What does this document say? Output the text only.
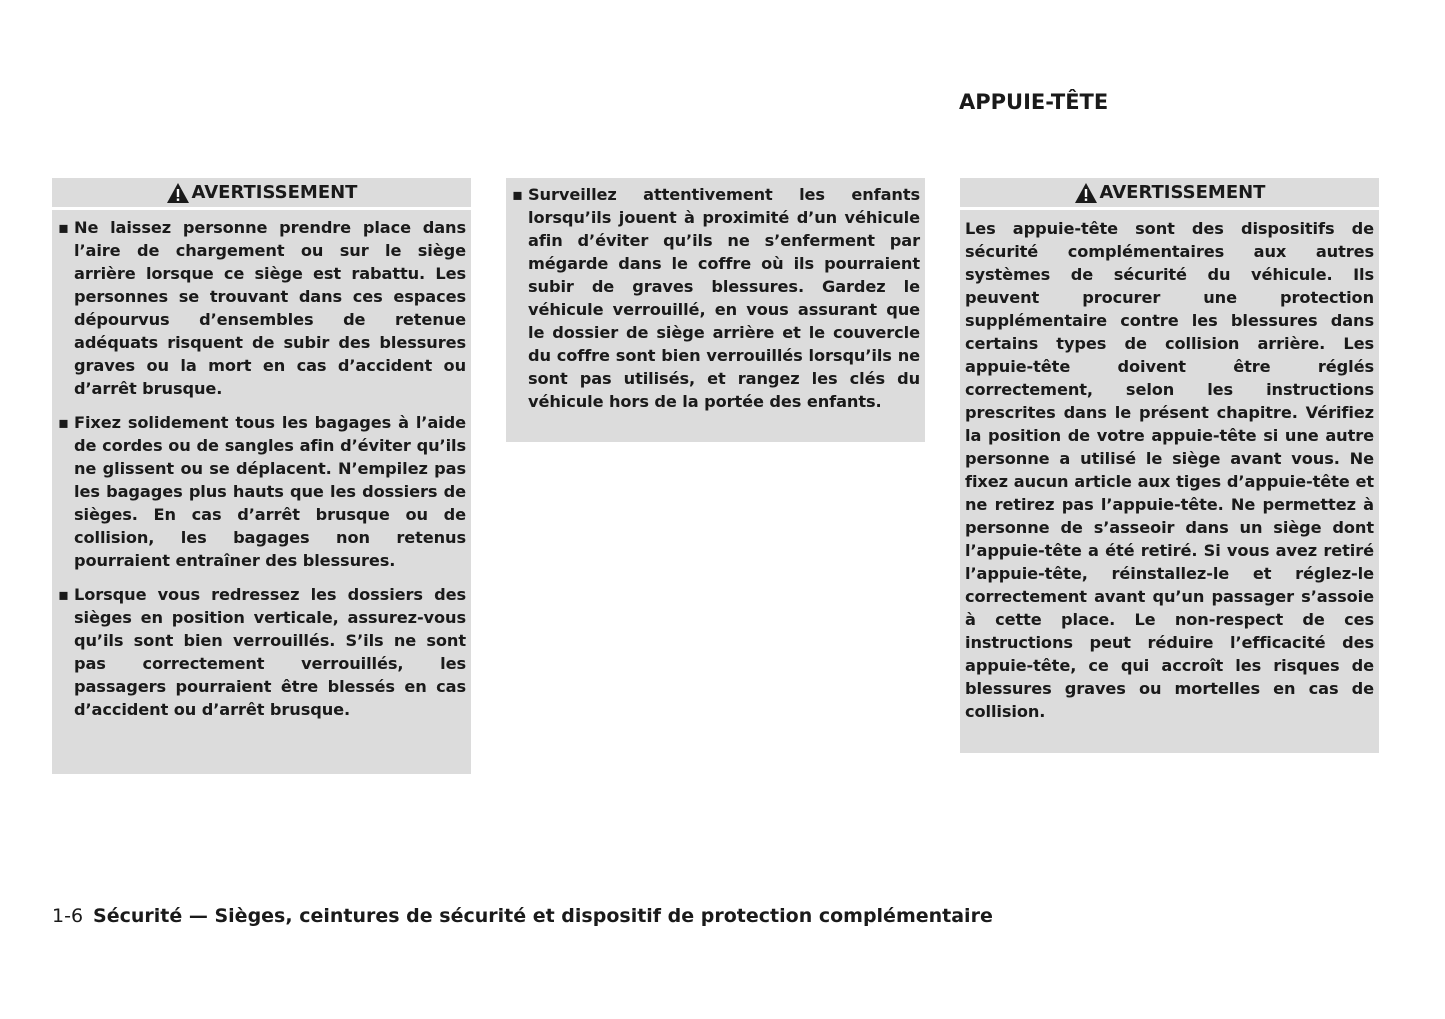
APPUIE-TÊTE
AVERTISSEMENT
▪ Ne laissez personne prendre place dans l’aire de chargement ou sur le siège arrière lorsque ce siège est rabattu. Les personnes se trouvant dans ces espaces dépourvus d’ensembles de retenue adéquats risquent de subir des blessures graves ou la mort en cas d’accident ou d’arrêt brusque.
▪ Fixez solidement tous les bagages à l’aide de cordes ou de sangles afin d’éviter qu’ils ne glissent ou se déplacent. N’empilez pas les bagages plus hauts que les dossiers de sièges. En cas d’arrêt brusque ou de collision, les bagages non retenus pourraient entraîner des blessures.
▪ Lorsque vous redressez les dossiers des sièges en position verticale, assurez-vous qu’ils sont bien verrouillés. S’ils ne sont pas correctement verrouillés, les passagers pourraient être blessés en cas d’accident ou d’arrêt brusque.
▪ Surveillez attentivement les enfants lorsqu’ils jouent à proximité d’un véhicule afin d’éviter qu’ils ne s’enferment par mégarde dans le coffre où ils pourraient subir de graves blessures. Gardez le véhicule verrouillé, en vous assurant que le dossier de siège arrière et le couvercle du coffre sont bien verrouillés lorsqu’ils ne sont pas utilisés, et rangez les clés du véhicule hors de la portée des enfants.
AVERTISSEMENT

Les appuie-tête sont des dispositifs de sécurité complémentaires aux autres systèmes de sécurité du véhicule. Ils peuvent procurer une protection supplémentaire contre les blessures dans certains types de collision arrière. Les appuie-tête doivent être réglés correctement, selon les instructions prescrites dans le présent chapitre. Vérifiez la position de votre appuie-tête si une autre personne a utilisé le siège avant vous. Ne fixez aucun article aux tiges d’appuie-tête et ne retirez pas l’appuie-tête. Ne permettez à personne de s’asseoir dans un siège dont l’appuie-tête a été retiré. Si vous avez retiré l’appuie-tête, réinstallez-le et réglez-le correctement avant qu’un passager s’assoie à cette place. Le non-respect de ces instructions peut réduire l’efficacité des appuie-tête, ce qui accroît les risques de blessures graves ou mortelles en cas de collision.

1-6 Sécurité — Sièges, ceintures de sécurité et dispositif de protection complémentaire
